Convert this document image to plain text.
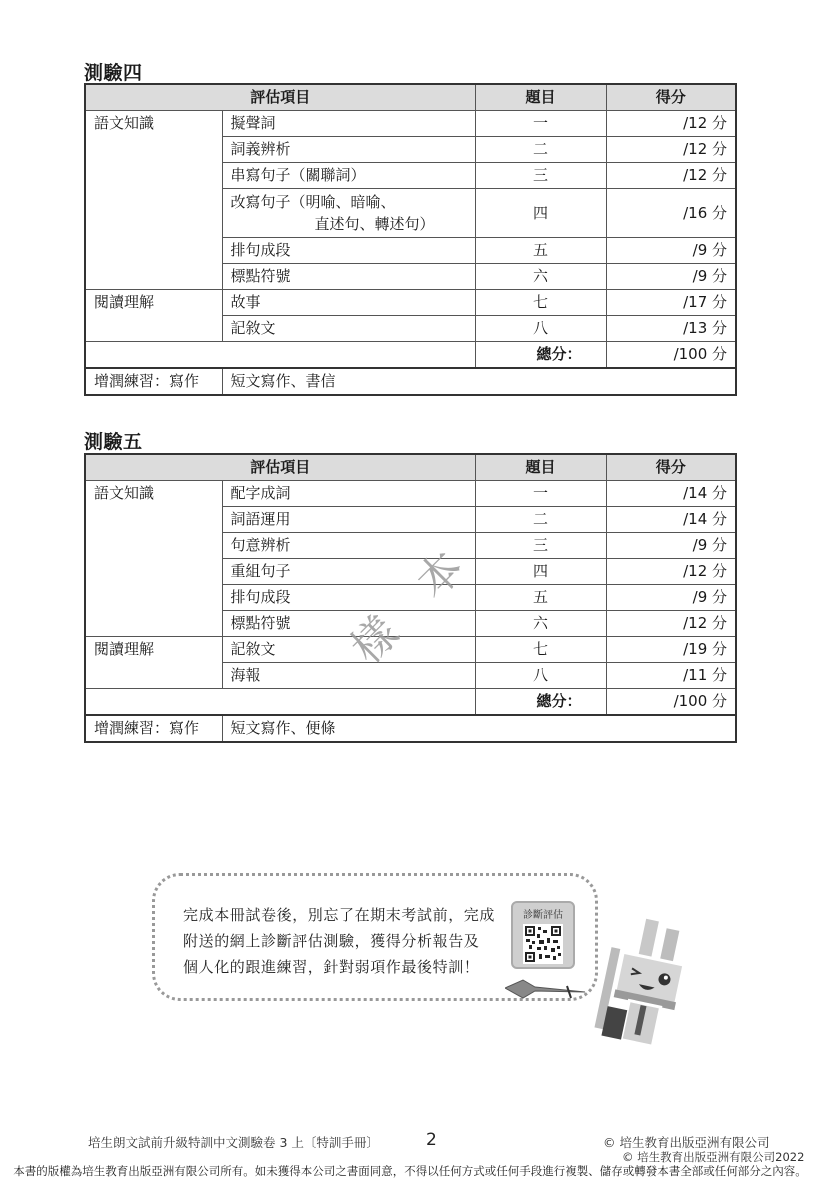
測驗四
評估項目		題目	得分
語文知識	擬聲詞	一	/12 分
	詞義辨析	二	/12 分
	串寫句子（關聯詞）	三	/12 分

	改寫句子（明喻、暗喻、
直述句、轉述句）	四	/16 分
	排句成段	五	/9 分
	標點符號	六	/9 分
閱讀理解	故事	七	/17 分
	記敘文	八	/13 分
		總分：	/100 分
增潤練習：寫作	短文寫作、書信		
測驗五
評估項目		題目	得分
語文知識	配字成詞	一	/14 分
	詞語運用	二	/14 分
	句意辨析	三	/9 分
	重組句子	四	/12 分
	排句成段	五	/9 分
	標點符號	六	/12 分
閱讀理解	記敘文	七	/19 分
	海報	八	/11 分
		總分：	/100 分
增潤練習：寫作	短文寫作、便條		
樣
本
完成本冊試卷後，別忘了在期末考試前，完成
附送的網上診斷評估測驗，獲得分析報告及
個人化的跟進練習，針對弱項作最後特訓！
診斷評估
培生朗文試前升級特訓中文測驗卷 3 上〔特訓手冊〕	2	© 培生教育出版亞洲有限公司
© 培生教育出版亞洲有限公司2022
本書的版權為培生教育出版亞洲有限公司所有。如未獲得本公司之書面同意，不得以任何方式或任何手段進行複製、儲存或轉發本書全部或任何部分之內容。
